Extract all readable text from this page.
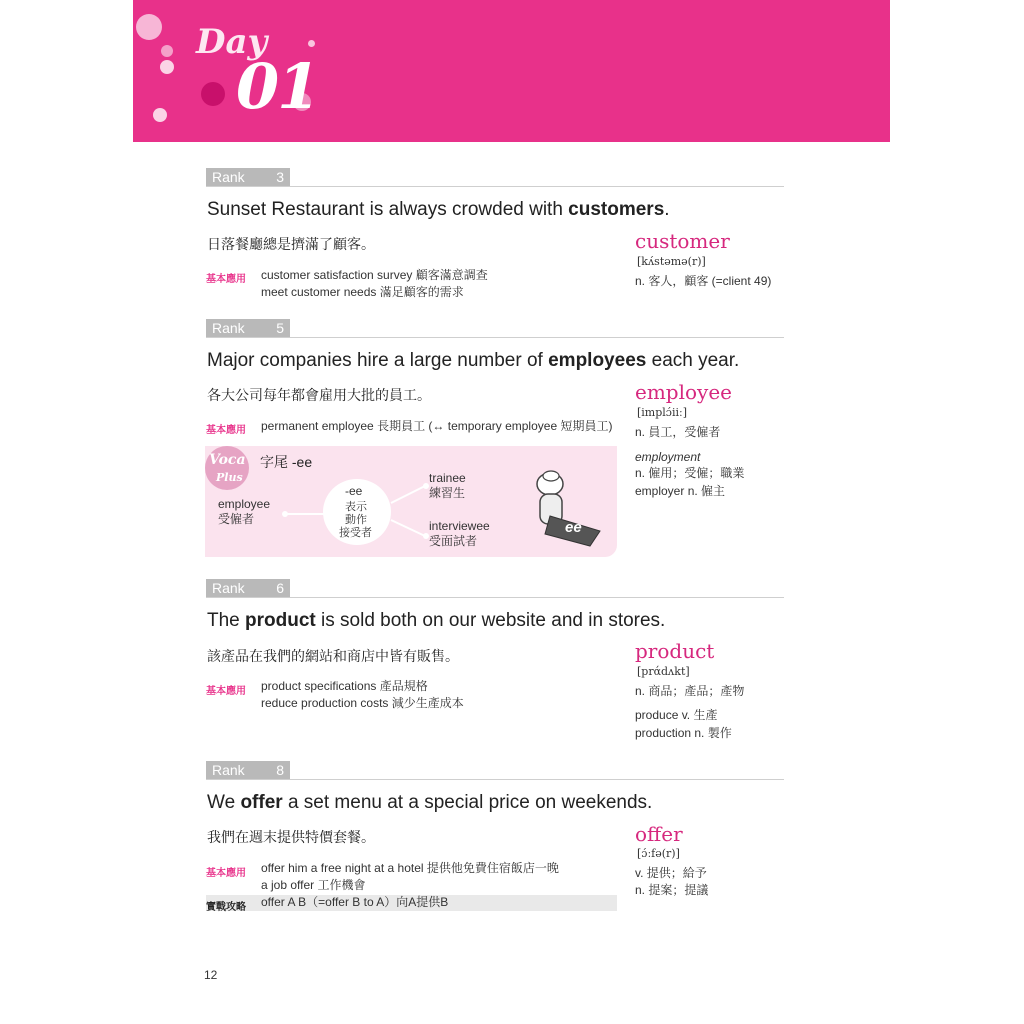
Day
01
Rank 3
Sunset Restaurant is always crowded with customers.
日落餐廳總是擠滿了顧客。
基本應用 customer satisfaction survey 顧客滿意調查
meet customer needs 滿足顧客的需求
customer
[kʌ́stəmə(r)]
n. 客人，顧客 (=client 49)
Rank 5
Major companies hire a large number of employees each year.
各大公司每年都會雇用大批的員工。
基本應用 permanent employee 長期員工 (↔ temporary employee 短期員工)
employee
[implɔ́iiː]
n. 員工，受僱者
employment
n. 僱用；受僱；職業
employer n. 僱主
Voca
Plus
字尾 -ee
employee
受僱者
-ee
表示
動作
接受者
trainee
練習生
interviewee
受面試者
ee
Rank 6
The product is sold both on our website and in stores.
該產品在我們的網站和商店中皆有販售。
基本應用 product specifications 產品規格
reduce production costs 減少生產成本
product
[prάdʌkt]
n. 商品；產品；產物
produce v. 生產
production n. 製作
Rank 8
We offer a set menu at a special price on weekends.
我們在週末提供特價套餐。
基本應用 offer him a free night at a hotel 提供他免費住宿飯店一晚
a job offer 工作機會
實戰攻略 offer A B（=offer B to A）向A提供B
offer
[ɔ́ːfə(r)]
v. 提供；給予
n. 提案；提議
12
